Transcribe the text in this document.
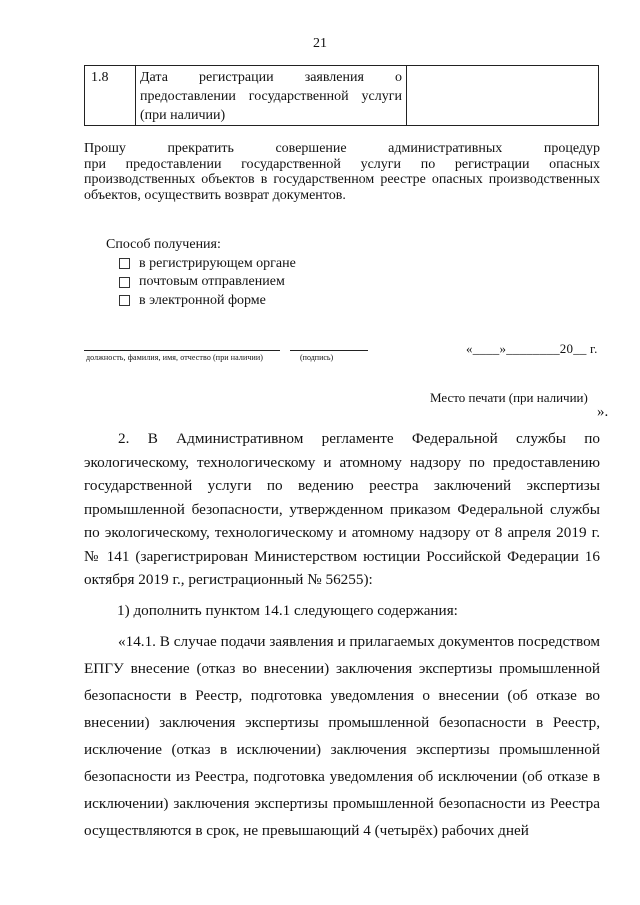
21
1.8	Дата регистрации заявления о предоставлении государственной услуги (при наличии)	
Прошу прекратить совершение административных процедур
при предоставлении государственной услуги по регистрации опасных производственных объектов в государственном реестре опасных производственных объектов, осуществить возврат документов.
Способ получения:
в регистрирующем органе
почтовым отправлением
в электронной форме
должность, фамилия, имя, отчество (при наличии)	(подпись)
«____»________20__ г.
Место печати (при наличии)
».
2. В Административном регламенте Федеральной службы по экологическому, технологическому и атомному надзору по предоставлению государственной услуги по ведению реестра заключений экспертизы промышленной безопасности, утвержденном приказом Федеральной службы по экологическому, технологическому и атомному надзору от 8 апреля 2019 г. № 141 (зарегистрирован Министерством юстиции Российской Федерации 16 октября 2019 г., регистрационный № 56255):
1) дополнить пунктом 14.1 следующего содержания:
«14.1. В случае подачи заявления и прилагаемых документов посредством ЕПГУ внесение (отказ во внесении) заключения экспертизы промышленной безопасности в Реестр, подготовка уведомления о внесении (об отказе во внесении) заключения экспертизы промышленной безопасности в Реестр, исключение (отказ в исключении) заключения экспертизы промышленной безопасности из Реестра, подготовка уведомления об исключении (об отказе в исключении) заключения экспертизы промышленной безопасности из Реестра осуществляются в срок, не превышающий 4 (четырёх) рабочих дней
